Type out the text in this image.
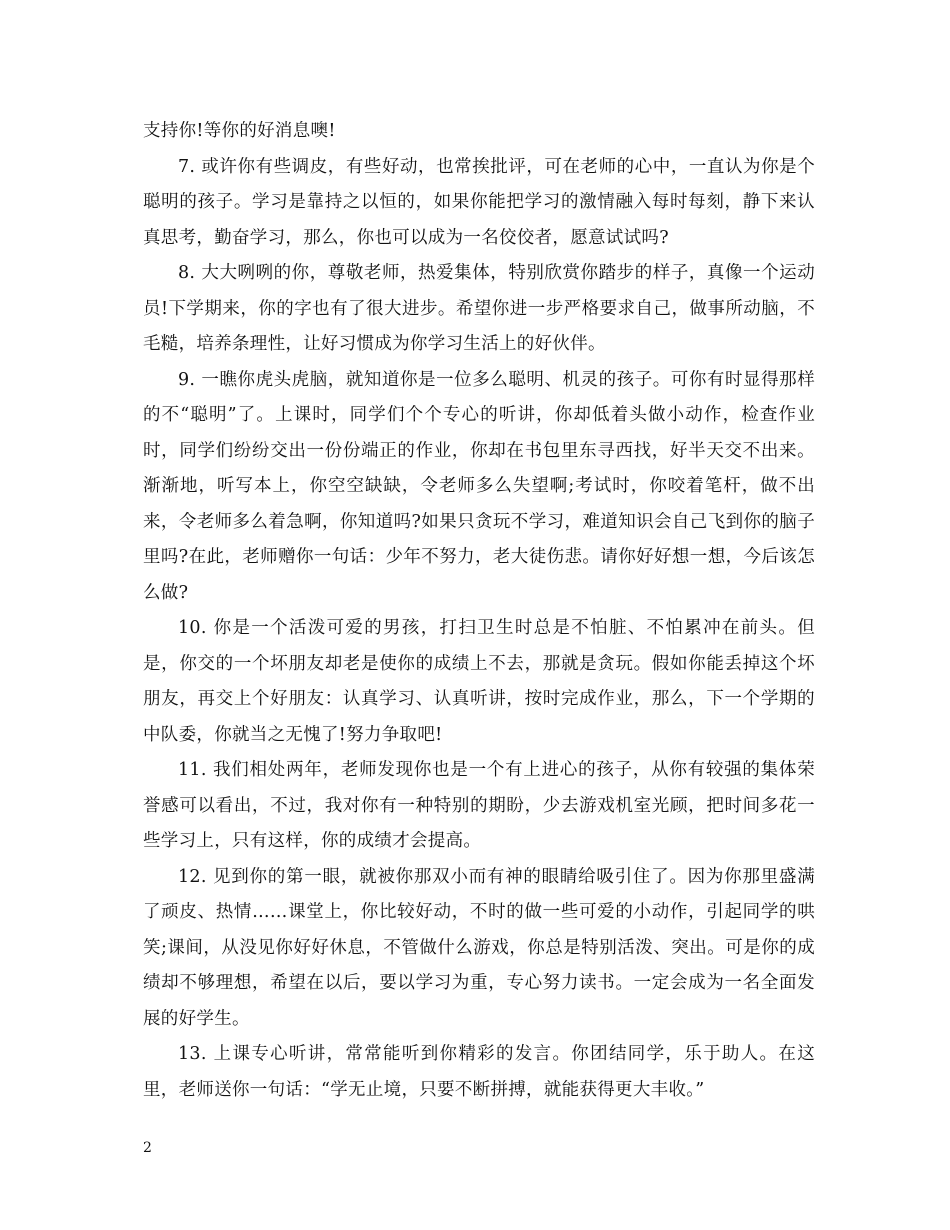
支持你!等你的好消息噢!

7. 或许你有些调皮，有些好动，也常挨批评，可在老师的心中，一直认为你是个聪明的孩子。学习是靠持之以恒的，如果你能把学习的激情融入每时每刻，静下来认真思考，勤奋学习，那么，你也可以成为一名佼佼者，愿意试试吗?

8. 大大咧咧的你，尊敬老师，热爱集体，特别欣赏你踏步的样子，真像一个运动员!下学期来，你的字也有了很大进步。希望你进一步严格要求自己，做事所动脑，不毛糙，培养条理性，让好习惯成为你学习生活上的好伙伴。

9. 一瞧你虎头虎脑，就知道你是一位多么聪明、机灵的孩子。可你有时显得那样的不“聪明”了。上课时，同学们个个专心的听讲，你却低着头做小动作，检查作业时，同学们纷纷交出一份份端正的作业，你却在书包里东寻西找，好半天交不出来。渐渐地，听写本上，你空空缺缺，令老师多么失望啊;考试时，你咬着笔杆，做不出来，令老师多么着急啊，你知道吗?如果只贪玩不学习，难道知识会自己飞到你的脑子里吗?在此，老师赠你一句话：少年不努力，老大徒伤悲。请你好好想一想，今后该怎么做?

10. 你是一个活泼可爱的男孩，打扫卫生时总是不怕脏、不怕累冲在前头。但是，你交的一个坏朋友却老是使你的成绩上不去，那就是贪玩。假如你能丢掉这个坏朋友，再交上个好朋友：认真学习、认真听讲，按时完成作业，那么，下一个学期的中队委，你就当之无愧了!努力争取吧!

11. 我们相处两年，老师发现你也是一个有上进心的孩子，从你有较强的集体荣誉感可以看出，不过，我对你有一种特别的期盼，少去游戏机室光顾，把时间多花一些学习上，只有这样，你的成绩才会提高。

12. 见到你的第一眼，就被你那双小而有神的眼睛给吸引住了。因为你那里盛满了顽皮、热情……课堂上，你比较好动，不时的做一些可爱的小动作，引起同学的哄笑;课间，从没见你好好休息，不管做什么游戏，你总是特别活泼、突出。可是你的成绩却不够理想，希望在以后，要以学习为重，专心努力读书。一定会成为一名全面发展的好学生。

13. 上课专心听讲，常常能听到你精彩的发言。你团结同学，乐于助人。在这里，老师送你一句话：“学无止境，只要不断拼搏，就能获得更大丰收。”

2
